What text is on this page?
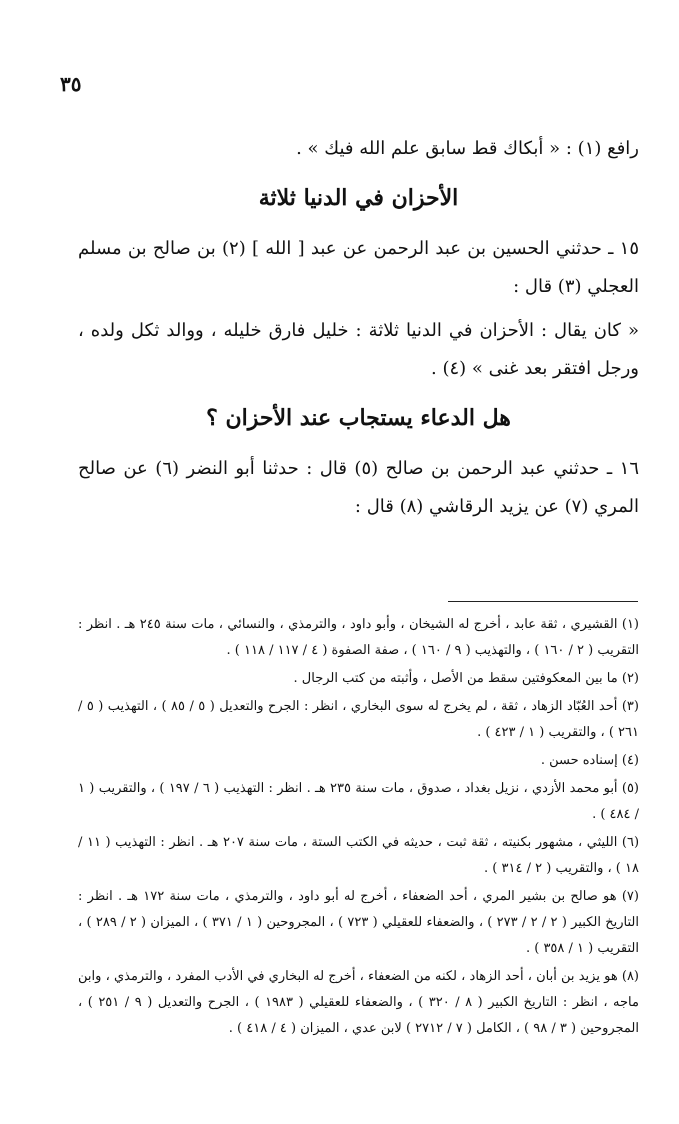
٣٥

رافع (١) : « أبكاك قط سابق علم الله فيك » .

الأحزان في الدنيا ثلاثة

١٥ ـ حدثني الحسين بن عبد الرحمن عن عبد [ الله ] (٢) بن صالح بن مسلم العجلي (٣) قال :

« كان يقال : الأحزان في الدنيا ثلاثة : خليل فارق خليله ، ووالد ثكل ولده ، ورجل افتقر بعد غنى » (٤) .

هل الدعاء يستجاب عند الأحزان ؟

١٦ ـ حدثني عبد الرحمن بن صالح (٥) قال : حدثنا أبو النضر (٦) عن صالح المري (٧) عن يزيد الرقاشي (٨) قال :

(١) القشيري ، ثقة عابد ، أخرج له الشيخان ، وأبو داود ، والترمذي ، والنسائي ، مات سنة ٢٤٥ هـ . انظر : التقريب ( ٢ / ١٦٠ ) ، والتهذيب ( ٩ / ١٦٠ ) ، صفة الصفوة ( ٤ / ١١٧ / ١١٨ ) .

(٢) ما بين المعكوفتين سقط من الأصل ، وأثبته من كتب الرجال .

(٣) أحد العُبّاد الزهاد ، ثقة ، لم يخرج له سوى البخاري ، انظر : الجرح والتعديل ( ٥ / ٨٥ ) ، التهذيب ( ٥ / ٢٦١ ) ، والتقريب ( ١ / ٤٢٣ ) .

(٤) إسناده حسن .

(٥) أبو محمد الأزدي ، نزيل بغداد ، صدوق ، مات سنة ٢٣٥ هـ . انظر : التهذيب ( ٦ / ١٩٧ ) ، والتقريب ( ١ / ٤٨٤ ) .

(٦) الليثي ، مشهور بكنيته ، ثقة ثبت ، حديثه في الكتب الستة ، مات سنة ٢٠٧ هـ . انظر : التهذيب ( ١١ / ١٨ ) ، والتقريب ( ٢ / ٣١٤ ) .

(٧) هو صالح بن بشير المري ، أحد الضعفاء ، أخرج له أبو داود ، والترمذي ، مات سنة ١٧٢ هـ . انظر : التاريخ الكبير ( ٢ / ٢ / ٢٧٣ ) ، والضعفاء للعقيلي ( ٧٢٣ ) ، المجروحين ( ١ / ٣٧١ ) ، الميزان ( ٢ / ٢٨٩ ) ، التقريب ( ١ / ٣٥٨ ) .

(٨) هو يزيد بن أبان ، أحد الزهاد ، لكنه من الضعفاء ، أخرج له البخاري في الأدب المفرد ، والترمذي ، وابن ماجه ، انظر : التاريخ الكبير ( ٨ / ٣٢٠ ) ، والضعفاء للعقيلي ( ١٩٨٣ ) ، الجرح والتعديل ( ٩ / ٢٥١ ) ، المجروحين ( ٣ / ٩٨ ) ، الكامل ( ٧ / ٢٧١٢ ) لابن عدي ، الميزان ( ٤ / ٤١٨ ) .
